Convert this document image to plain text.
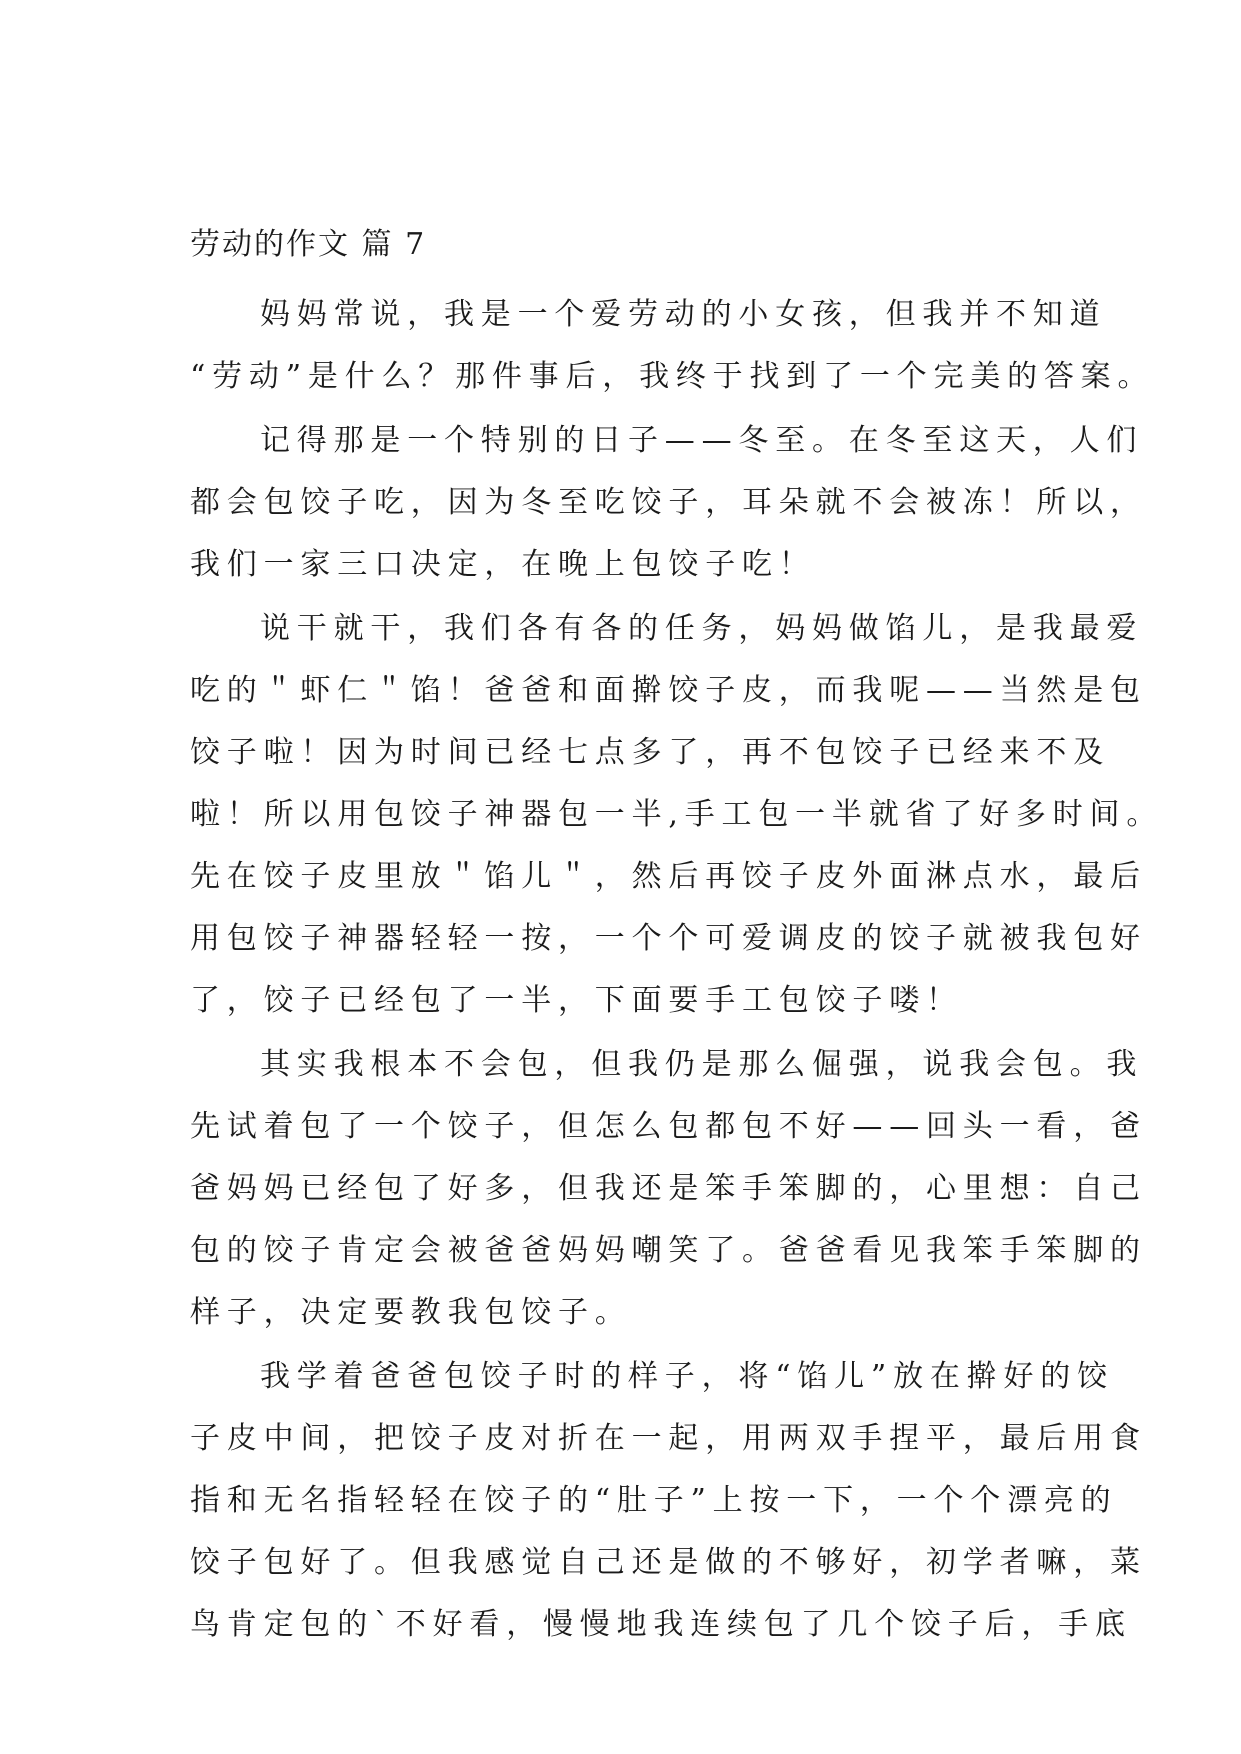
劳动的作文 篇 7
妈妈常说，我是一个爱劳动的小女孩，但我并不知道
“劳动”是什么？那件事后，我终于找到了一个完美的答案。
记得那是一个特别的日子——冬至。在冬至这天，人们
都会包饺子吃，因为冬至吃饺子，耳朵就不会被冻！所以，
我们一家三口决定，在晚上包饺子吃！
说干就干，我们各有各的任务，妈妈做馅儿，是我最爱
吃的＂虾仁＂馅！爸爸和面擀饺子皮，而我呢——当然是包
饺子啦！因为时间已经七点多了，再不包饺子已经来不及
啦！所以用包饺子神器包一半,手工包一半就省了好多时间。
先在饺子皮里放＂馅儿＂，然后再饺子皮外面淋点水，最后
用包饺子神器轻轻一按，一个个可爱调皮的饺子就被我包好
了，饺子已经包了一半，下面要手工包饺子喽！
其实我根本不会包，但我仍是那么倔强，说我会包。我
先试着包了一个饺子，但怎么包都包不好——回头一看，爸
爸妈妈已经包了好多，但我还是笨手笨脚的，心里想：自己
包的饺子肯定会被爸爸妈妈嘲笑了。爸爸看见我笨手笨脚的
样子，决定要教我包饺子。
我学着爸爸包饺子时的样子，将“馅儿”放在擀好的饺
子皮中间，把饺子皮对折在一起，用两双手捏平，最后用食
指和无名指轻轻在饺子的“肚子”上按一下，一个个漂亮的
饺子包好了。但我感觉自己还是做的不够好，初学者嘛，菜
鸟肯定包的`不好看，慢慢地我连续包了几个饺子后，手底
